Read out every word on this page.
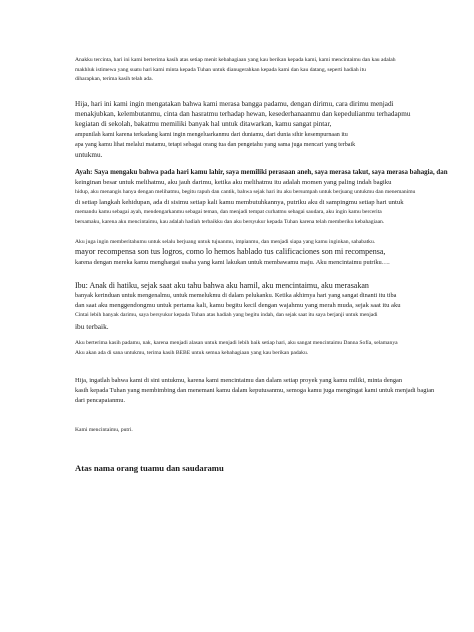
Anakku tercinta, hari ini kami berterima kasih atas setiap menit kebahagiaan yang kau berikan kepada kami, kami mencintaimu dan kau adalah
makhluk istimewa yang suatu hari kami minta kepada Tuhan untuk dianugerahkan kepada kami dan kau datang, seperti hadiah itu
diharapkan, terima kasih telah ada.

Hija, hari ini kami ingin mengatakan bahwa kami merasa bangga padamu, dengan dirimu, cara dirimu menjadi
menakjubkan, kelembutanmu, cinta dan hasratmu terhadap hewan, kesederhanaanmu dan kepedulianmu terhadapmu
kegiatan di sekolah, bakatmu memiliki banyak hal untuk ditawarkan, kamu sangat pintar,
ampunilah kami karena terkadang kami ingin mengeluarkanmu dari duniamu, dari dunia sihir kesempurnaan itu
apa yang kamu lihat melalui matamu, tetapi sebagai orang tua dan pengetahu yang sama juga mencari yang terbaik
untukmu.

Ayah: Saya mengaku bahwa pada hari kamu lahir, saya memiliki perasaan aneh, saya merasa takut, saya merasa bahagia, dan
keinginan besar untuk melihatmu, aku jauh darimu, ketika aku melihatmu itu adalah momen yang paling indah bagiku
hidup, aku menangis hanya dengan melihatmu, begitu rapuh dan cantik, bahwa sejak hari itu aku bersumpah untuk berjuang untukmu dan menemanimu
di setiap langkah kehidupan, ada di sisimu setiap kali kamu membutuhkannya, putriku aku di sampingmu setiap hari untuk
memandu kamu sebagai ayah, mendengarkanmu sebagai teman, dan menjadi tempat curhatmu sebagai saudara, aku ingin kamu bercerita
bersamaku, karena aku mencintaimu, kau adalah hadiah terbaikku dan aku bersyukur kepada Tuhan karena telah memberiku kebahagiaan.

Aku juga ingin memberitahumu untuk selalu berjuang untuk tujuanmu, impianmu, dan menjadi siapa yang kamu inginkan, sahabatku.
mayor recompensa son tus logros, como lo hemos hablado tus calificaciones son mi recompensa,
karena dengan mereka kamu menghargai usaha yang kami lakukan untuk membawamu maju. Aku mencintaimu putriku….

Ibu: Anak di hatiku, sejak saat aku tahu bahwa aku hamil, aku mencintaimu, aku merasakan
banyak kerinduan untuk mengenalmu, untuk memelukmu di dalam pelukanku. Ketika akhirnya hari yang sangat dinanti itu tiba
dan saat aku menggendongmu untuk pertama kali, kamu begitu kecil dengan wajahmu yang merah muda, sejak saat itu aku
Cintai lebih banyak darimu, saya bersyukur kepada Tuhan atas hadiah yang begitu indah, dan sejak saat itu saya berjanji untuk menjadi
ibu terbaik.

Aku berterima kasih padamu, nak, karena menjadi alasan untuk menjadi lebih baik setiap hari, aku sangat mencintaimu Danna Sofía, selamanya
Aku akan ada di sana untukmu, terima kasih BEBE untuk semua kebahagiaan yang kau berikan padaku.

Hija, ingatlah bahwa kami di sini untukmu, karena kami mencintaimu dan dalam setiap proyek yang kamu miliki, minta dengan
kasih kepada Tuhan yang membimbing dan menemani kamu dalam keputusanmu, semoga kamu juga mengingat kami untuk menjadi bagian
dari pencapaianmu.

Kami mencintaimu, putri.

Atas nama orang tuamu dan saudaramu
